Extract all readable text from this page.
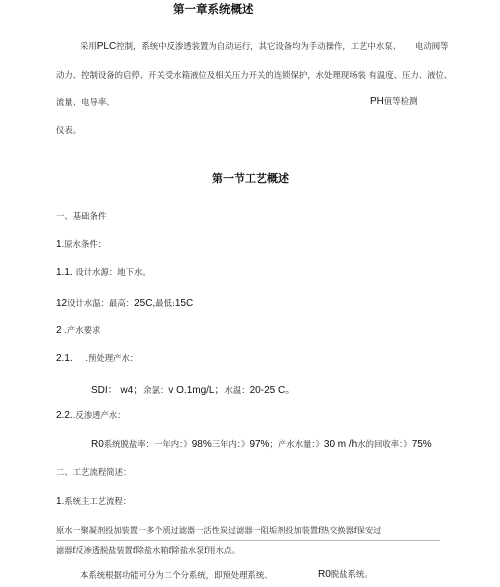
第一章系统概述
采用PLC控制，系统中反渗透装置为自动运行，其它设备均为手动操作，工艺中水泵、 电动阀等
动力、控制设备的启停、开关受水箱液位及相关压力开关的连锁保护，水处理现场装 有温度、压力、液位、
流量、电导率、	PH值等检测
仪表。
第一节工艺概述
一、基础条件
1.原水条件：
1.1. 设计水源：地下水。
12设计水温：最高：25C,最低:15C
2 .产水要求
2.1. .预处理产水：
SDI： w4；余氯：v O.1mg/L；水温：20-25 C。
2.2..反渗透产水：
R0系统脱盐率：一年内：》98%三年内：》97%；产水水量：》30 m /h水的回收率：》75%
二、工艺流程简述：
1.系统主工艺流程：
原水一聚凝剂投加装置一多个质过滤器一活性炭过滤器一阻垢剂投加装置f热交换器f保安过
滤器f反渗透脱盐装置f除盐水箱f除盐水泵f用水点。
本系统根据功能可分为二个分系统，即预处理系统、	R0脱盐系统。
